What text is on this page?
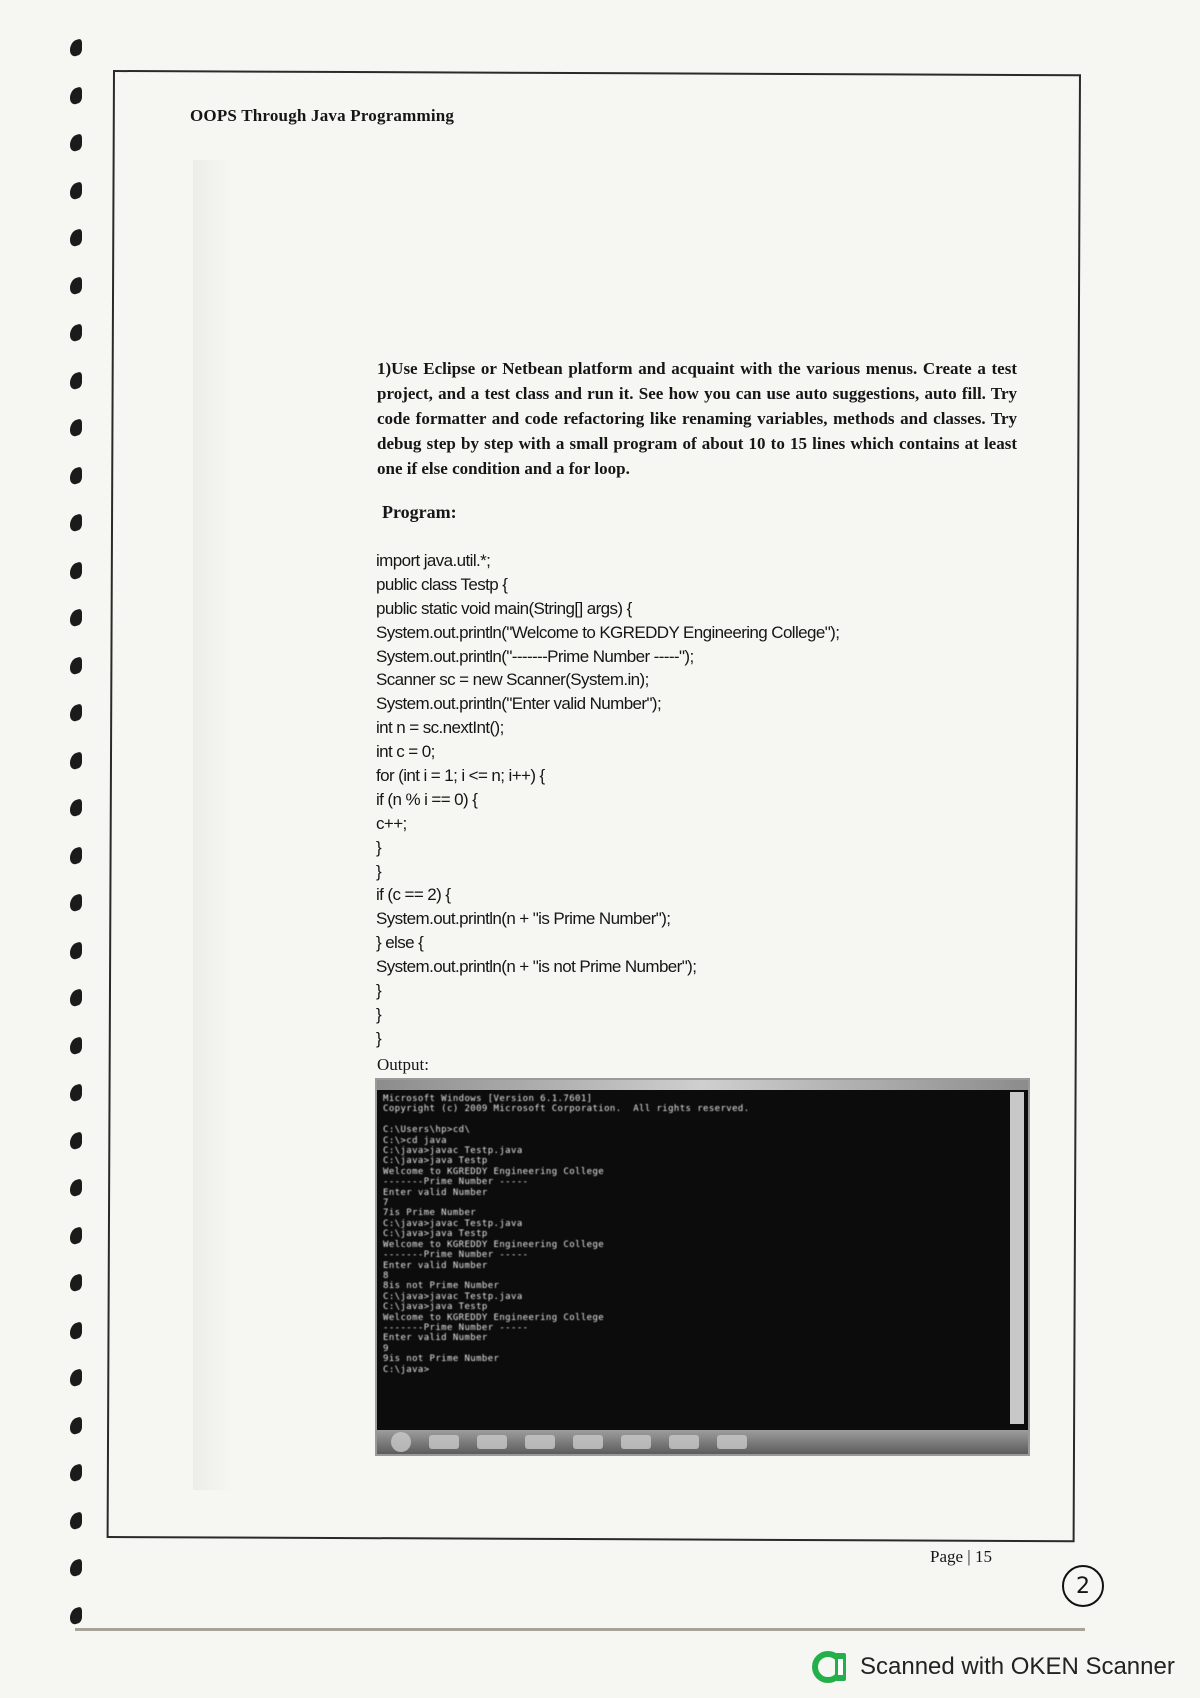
OOPS Through Java Programming

1)Use Eclipse or Netbean platform and acquaint with the various menus. Create a test project, and a test class and run it. See how you can use auto suggestions, auto fill. Try code formatter and code refactoring like renaming variables, methods and classes. Try debug step by step with a small program of about 10 to 15 lines which contains at least one if else condition and a for loop.

Program:
import java.util.*;
public class Testp {
public static void main(String[] args) {
System.out.println("Welcome to KGREDDY Engineering College");
System.out.println("-------Prime Number -----");
Scanner sc = new Scanner(System.in);
System.out.println("Enter valid Number");
int n = sc.nextInt();
int c = 0;
for (int i = 1; i <= n; i++) {
if (n % i == 0) {
c++;
}
}
if (c == 2) {
System.out.println(n + "is Prime Number");
} else {
System.out.println(n + "is not Prime Number");
}
}
}
Output:
Microsoft Windows [Version 6.1.7601]
Copyright (c) 2009 Microsoft Corporation.  All rights reserved.

C:\Users\hp>cd\
C:\>cd java
C:\java>javac Testp.java
C:\java>java Testp
Welcome to KGREDDY Engineering College
-------Prime Number -----
Enter valid Number
7
7is Prime Number
C:\java>javac Testp.java
C:\java>java Testp
Welcome to KGREDDY Engineering College
-------Prime Number -----
Enter valid Number
8
8is not Prime Number
C:\java>javac Testp.java
C:\java>java Testp
Welcome to KGREDDY Engineering College
-------Prime Number -----
Enter valid Number
9
9is not Prime Number
C:\java>
Page | 15
2
Scanned with OKEN Scanner
